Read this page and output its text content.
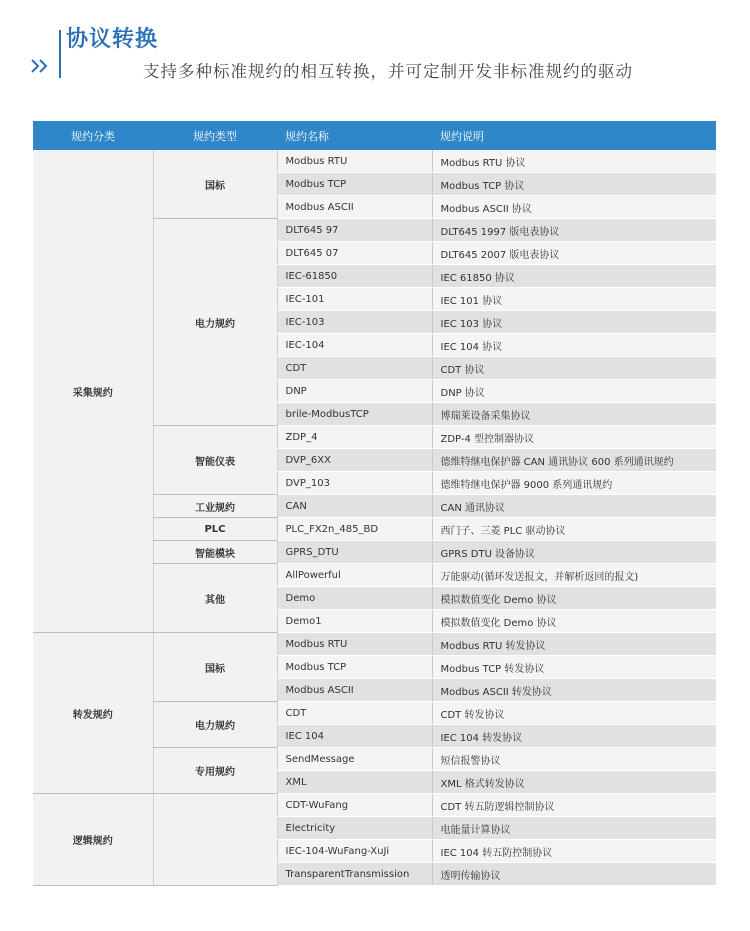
协议转换
支持多种标准规约的相互转换，并可定制开发非标准规约的驱动
规约分类	规约类型	规约名称	规约说明
采集规约	国标	Modbus RTU	Modbus RTU 协议
		Modbus TCP	Modbus TCP 协议
		Modbus ASCII	Modbus ASCII 协议
	电力规约	DLT645 97	DLT645 1997 版电表协议
		DLT645 07	DLT645 2007 版电表协议
		IEC-61850	IEC 61850 协议
		IEC-101	IEC 101 协议
		IEC-103	IEC 103 协议
		IEC-104	IEC 104 协议
		CDT	CDT 协议
		DNP	DNP 协议
		brile-ModbusTCP	博瑞莱设备采集协议
	智能仪表	ZDP_4	ZDP-4 型控制器协议
		DVP_6XX	德维特继电保护器 CAN 通讯协议 600 系列通讯规约
		DVP_103	德维特继电保护器 9000 系列通讯规约
	工业规约	CAN	CAN 通讯协议
	PLC	PLC_FX2n_485_BD	西门子、三菱 PLC 驱动协议
	智能模块	GPRS_DTU	GPRS DTU 设备协议
	其他	AllPowerful	万能驱动(循环发送报文，并解析返回的报文)
		Demo	模拟数值变化 Demo 协议
		Demo1	模拟数值变化 Demo 协议
转发规约	国标	Modbus RTU	Modbus RTU 转发协议
		Modbus TCP	Modbus TCP 转发协议
		Modbus ASCII	Modbus ASCII 转发协议
	电力规约	CDT	CDT 转发协议
		IEC 104	IEC 104 转发协议
	专用规约	SendMessage	短信报警协议
		XML	XML 格式转发协议
逻辑规约		CDT-WuFang	CDT 转五防逻辑控制协议
		Electricity	电能量计算协议
		IEC-104-WuFang-XuJi	IEC 104 转五防控制协议
		TransparentTransmission	透明传输协议
